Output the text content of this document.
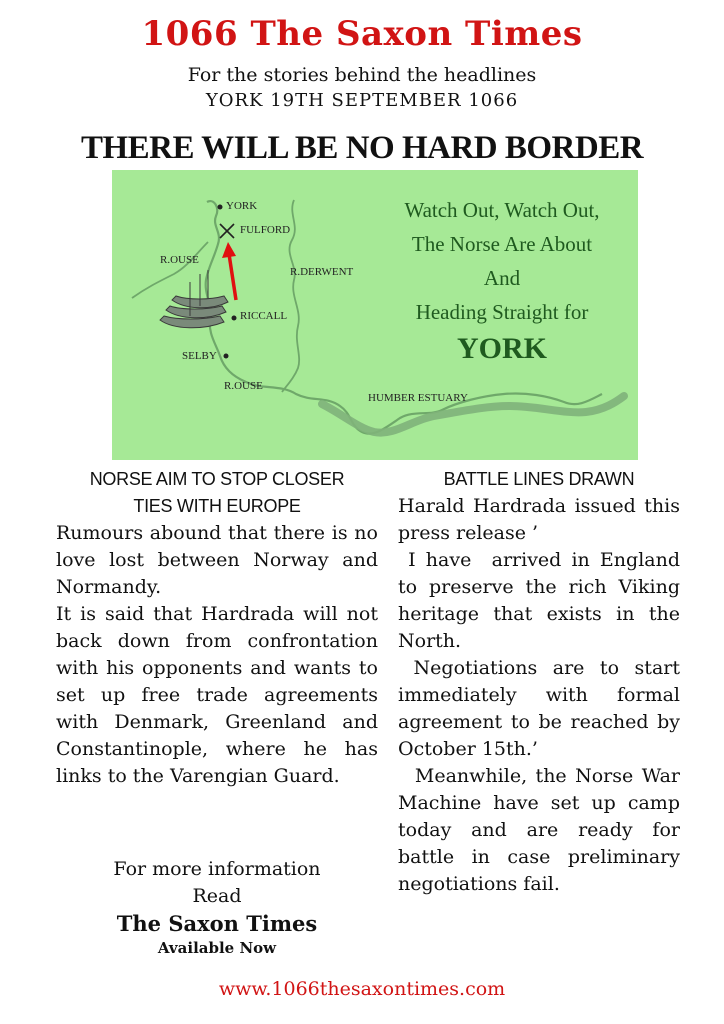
1066 The Saxon Times
For the stories behind the headlines
YORK 19TH SEPTEMBER 1066
THERE WILL BE NO HARD BORDER
YORK
FULFORD
R.OUSE
R.DERWENT
RICCALL
SELBY
R.OUSE
HUMBER ESTUARY
Watch Out, Watch Out,
The Norse Are About
And
Heading Straight for
YORK
NORSE AIM TO STOP CLOSER
TIES WITH EUROPE

Rumours abound that there is no love lost between Norway and Normandy.

It is said that Hardrada will not back down from confrontation with his opponents and wants to set up free trade agreements with Denmark, Greenland and Constantinople, where he has links to the Varengian Guard.

For more information
Read
The Saxon Times
Available Now
BATTLE LINES DRAWN

Harald Hardrada issued this press release ’

I have  arrived in England to preserve the rich Viking heritage that exists in the North.

Negotiations are to start immediately with formal agreement to be reached by October 15th.’

Meanwhile, the Norse War Machine have set up camp today and are ready for battle in case preliminary negotiations fail.

www.1066thesaxontimes.com
